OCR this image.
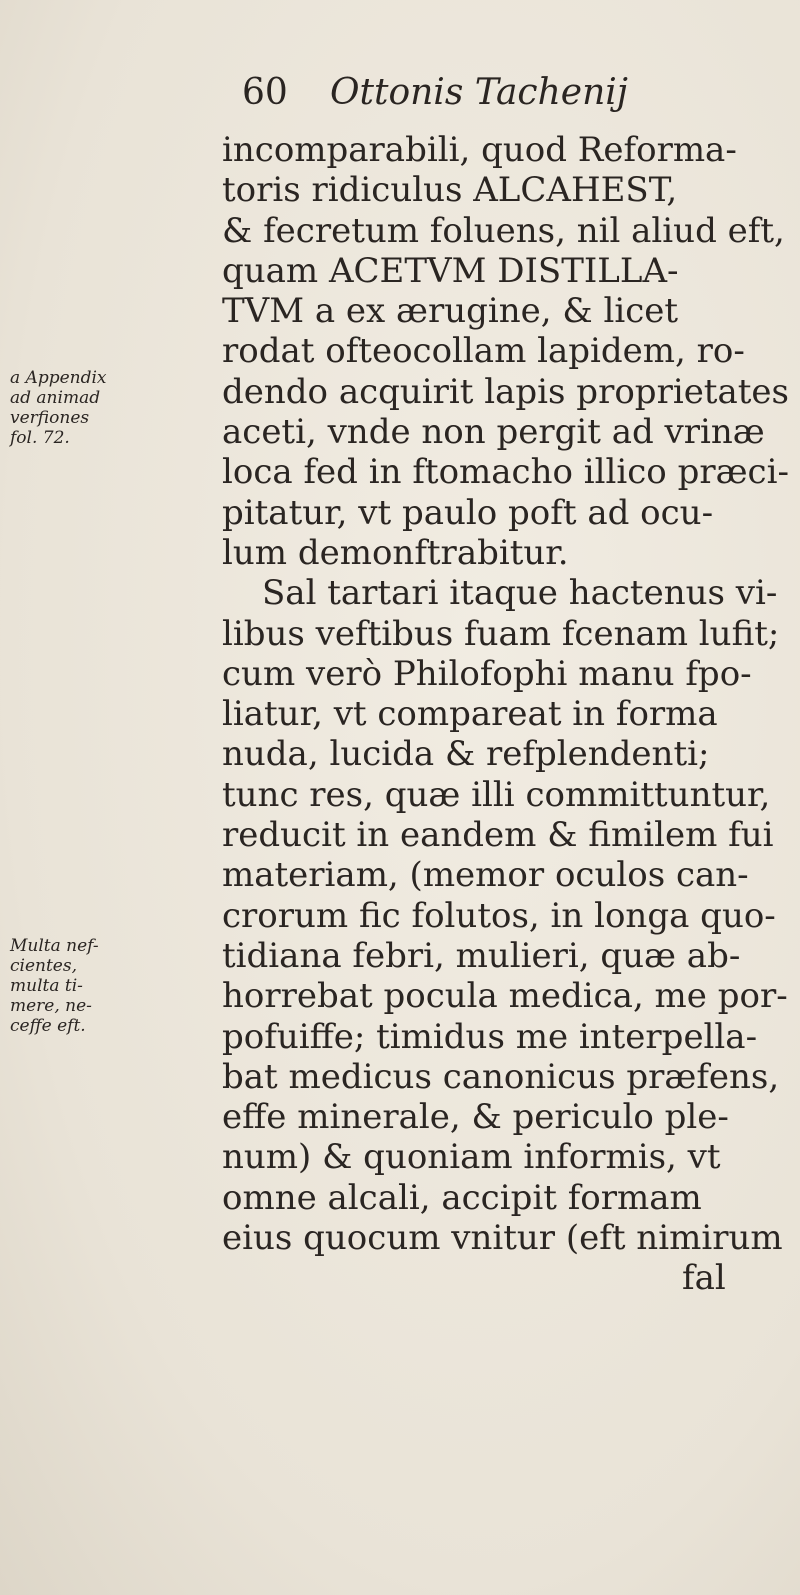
60 Ottonis Tachenij
incomparabili, quod Reforma-
toris ridiculus ALCAHEST,
& fecretum foluens, nil aliud eft,
quam ACETVM DISTILLA-
TVM a ex ærugine, & licet
rodat ofteocollam lapidem, ro-
dendo acquirit lapis proprietates
aceti, vnde non pergit ad vrinæ
loca fed in ftomacho illico præci-
pitatur, vt paulo poft ad ocu-
lum demonftrabitur.
Sal tartari itaque hactenus vi-
libus veftibus fuam fcenam lufit;
cum verò Philofophi manu fpo-
liatur, vt compareat in forma
nuda, lucida & refplendenti;
tunc res, quæ illi committuntur,
reducit in eandem & fimilem fui
materiam, (memor oculos can-
crorum fic folutos, in longa quo-
tidiana febri, mulieri, quæ ab-
horrebat pocula medica, me por-
pofuiffe; timidus me interpella-
bat medicus canonicus præfens,
effe minerale, & periculo ple-
num) & quoniam informis, vt
omne alcali, accipit formam
eius quocum vnitur (eft nimirum
fal
a Appendix
ad animad
verfiones
fol. 72.
Multa nef-
cientes,
multa ti-
mere, ne-
ceffe eft.
